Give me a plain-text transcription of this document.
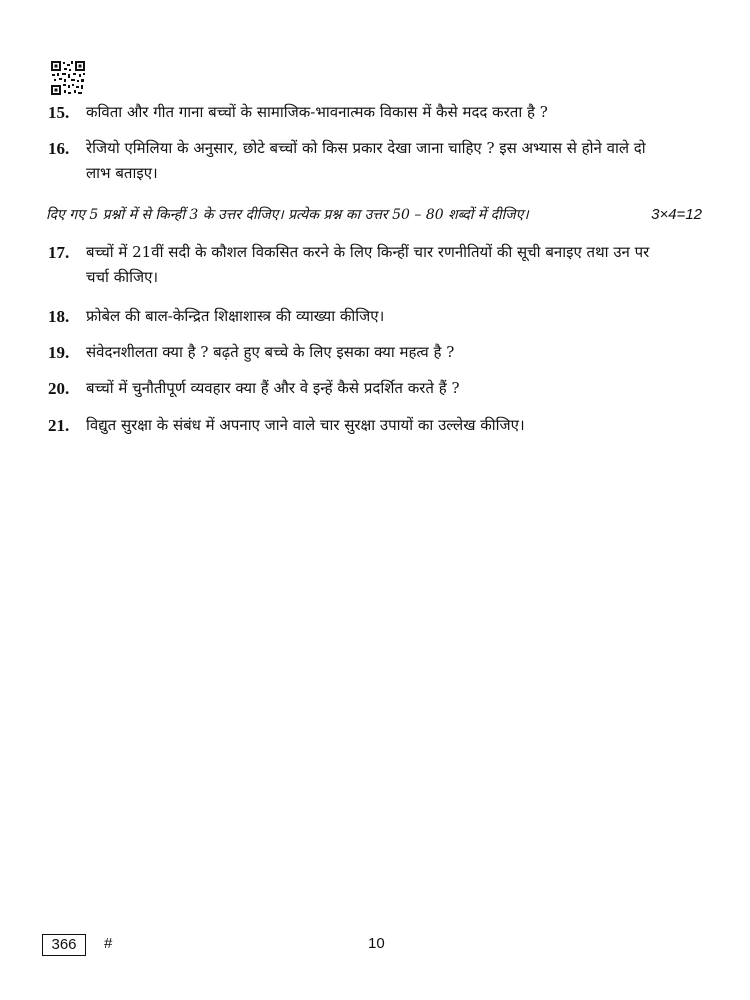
15. कविता और गीत गाना बच्चों के सामाजिक-भावनात्मक विकास में कैसे मदद करता है ?
16. रेजियो एमिलिया के अनुसार, छोटे बच्चों को किस प्रकार देखा जाना चाहिए ? इस अभ्यास से होने वाले दो लाभ बताइए।
दिए गए 5 प्रश्नों में से किन्हीं 3 के उत्तर दीजिए। प्रत्येक प्रश्न का उत्तर 50 – 80 शब्दों में दीजिए।	3×4=12
17. बच्चों में 21वीं सदी के कौशल विकसित करने के लिए किन्हीं चार रणनीतियों की सूची बनाइए तथा उन पर चर्चा कीजिए।
18. फ्रोबेल की बाल-केन्द्रित शिक्षाशास्त्र की व्याख्या कीजिए।
19. संवेदनशीलता क्या है ? बढ़ते हुए बच्चे के लिए इसका क्या महत्व है ?
20. बच्चों में चुनौतीपूर्ण व्यवहार क्या हैं और वे इन्हें कैसे प्रदर्शित करते हैं ?
21. विद्युत सुरक्षा के संबंध में अपनाए जाने वाले चार सुरक्षा उपायों का उल्लेख कीजिए।
366	#	10
